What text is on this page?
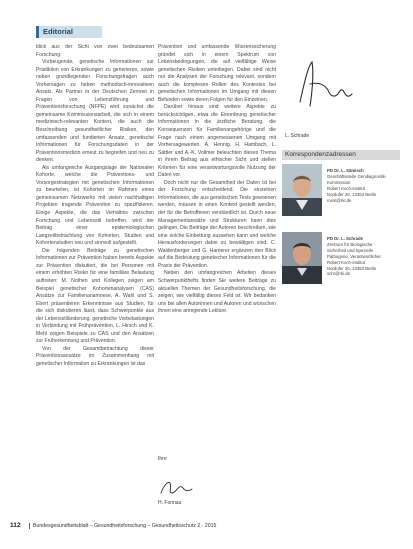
Editorial

blick aus der Sicht von zwei bedeutsamen Forschung.

Vorbeugende, genetische Informationen zur Prädiktion von Erkrankungen zu generieren, sowie neben grundlegenden Forschungsfragen auch Vorhersagen zu heben methodisch-innovativen Ansatz. Als Partner in der Deutschen Zentren in Fragen von Lebensführung und Präventionsforschung (NFPE) wird zunächst die gemeinsame Kommissionsarbeit, die sich in einem medizinisch-relevanten Kontext, die auch die Beschreibung gesundheitlicher Risiken, den umfassenden und fundierten Ansatz, genetische Informationen für Forschungsdaten in der Präventionsmedizin erneut zu begreifen und neu zu denken.

Als umfangreiche Ausgangslage der Nationalen Kohorte, welche die Präventions- und Vorsorgestrategien mit genetischen Informationen zu beurteilen, ist Kohorten im Rahmen eines gemeinsamen Netzwerks mit vielen nachhaltigen Projekten tragende Prävention zu spezifizieren. Einige Aspekte, die das Verhältnis zwischen Forschung und Lebensstil betreffen, wird der Beitrag einer epidemiologischen Langzeitbetrachtung von Kohorten, Studien und Kohortenstudien neu und sinnvoll aufgestellt.

Die folgenden Beiträge zu genetischen Informationen zur Prävention haben bereits Aspekte zur Prävention diskutiert, die bei Personen mit einem erhöhten Risiko für eine familiäre Belastung auftreten: M. Nothen und Kollegen zeigen am Beispiel genetischer Kohortenanalysen (CAS) Ansätze zur Familienanamnese, A. Wahl und S. Ebert präsentieren Erkenntnisse aus Studien, für die sich diskutieren lässt, dass Schwerpunkte aus der Lebensstiländerung, genetische Vorbelastungen in Verbindung mit Frühprävention, L. Hirsch und K. Mehl zeigen Beispiele zu CAS und den Ansätzen zur Früherkennung und Prävention.

Von der Gesamtbetrachtung dieser Präventionsansätze im Zusammenhang mit genetischer Information zu Erkrankungen ist das

Prävention und umfassende Wissenssicherung gründet sich in einem Spektrum von Lebensbedingungen, die auf vielfältige Weise genetischen Risiken unterliegen. Dabei sind nicht nur die Analysen der Forschung relevant, sondern auch die komplexen Rollen des Kontextes bei genetischen Informationen im Umgang mit diesen Befunden sowie deren Folgen für den Einzelnen.

Darüber hinaus sind weitere Aspekte zu berücksichtigen, etwa die Einordnung genetischer Informationen in die ärztliche Beratung, die Konsequenzen für Familienangehörige und die Frage nach einem angemessenen Umgang mit Vorhersagewerten. A. Hennig, H. Hambach, L. Sättler und A.-K. Vollmer beleuchten dieses Thema in ihrem Beitrag aus ethischer Sicht und stellen Kriterien für eine verantwortungsvolle Nutzung der Daten vor.

Doch nicht nur die Gesamtheit der Daten ist bei der Forschung entscheidend. Die einzelnen Informationen, die aus genetischen Tests gewonnen werden, müssen in einen Kontext gestellt werden, der für die Betroffenen verständlich ist. Durch neue Managementansätze und Strukturen kann dies gelingen. Die Beiträge der Autoren beschreiben, wie eine solche Einbettung aussehen kann und welche Herausforderungen dabei zu bewältigen sind. C. Waldenberger und G. Hamerer ergänzen den Blick auf die Bedeutung genetischer Informationen für die Praxis der Prävention.

Neben den umfangreichen Arbeiten dieses Schwerpunkthefts finden Sie weitere Beiträge zu aktuellen Themen der Gesundheitsforschung, die zeigen, wie vielfältig dieses Feld ist. Wir bedanken uns bei allen Autorinnen und Autoren und wünschen Ihnen eine anregende Lektüre.

L. Schrade
Korrespondenzadressen
PD Dr. L. Sämisch
Geschäftsstelle Gendiagnostik-
Kommission
Robert Koch-Institut
Nordufer 20, 13353 Berlin
romit@rki.de
PD Dr. L. Schrade
Zentrum für Biologische
Sicherheit und Spezielle
Pathogene, Verantwortlicher
Robert Koch-Institut
Nordufer 20, 13353 Berlin
schr@rki.de
Ihre
H. Fonnau
112 Bundesgesundheitsblatt – Gesundheitsforschung – Gesundheitsschutz 2 · 2015
